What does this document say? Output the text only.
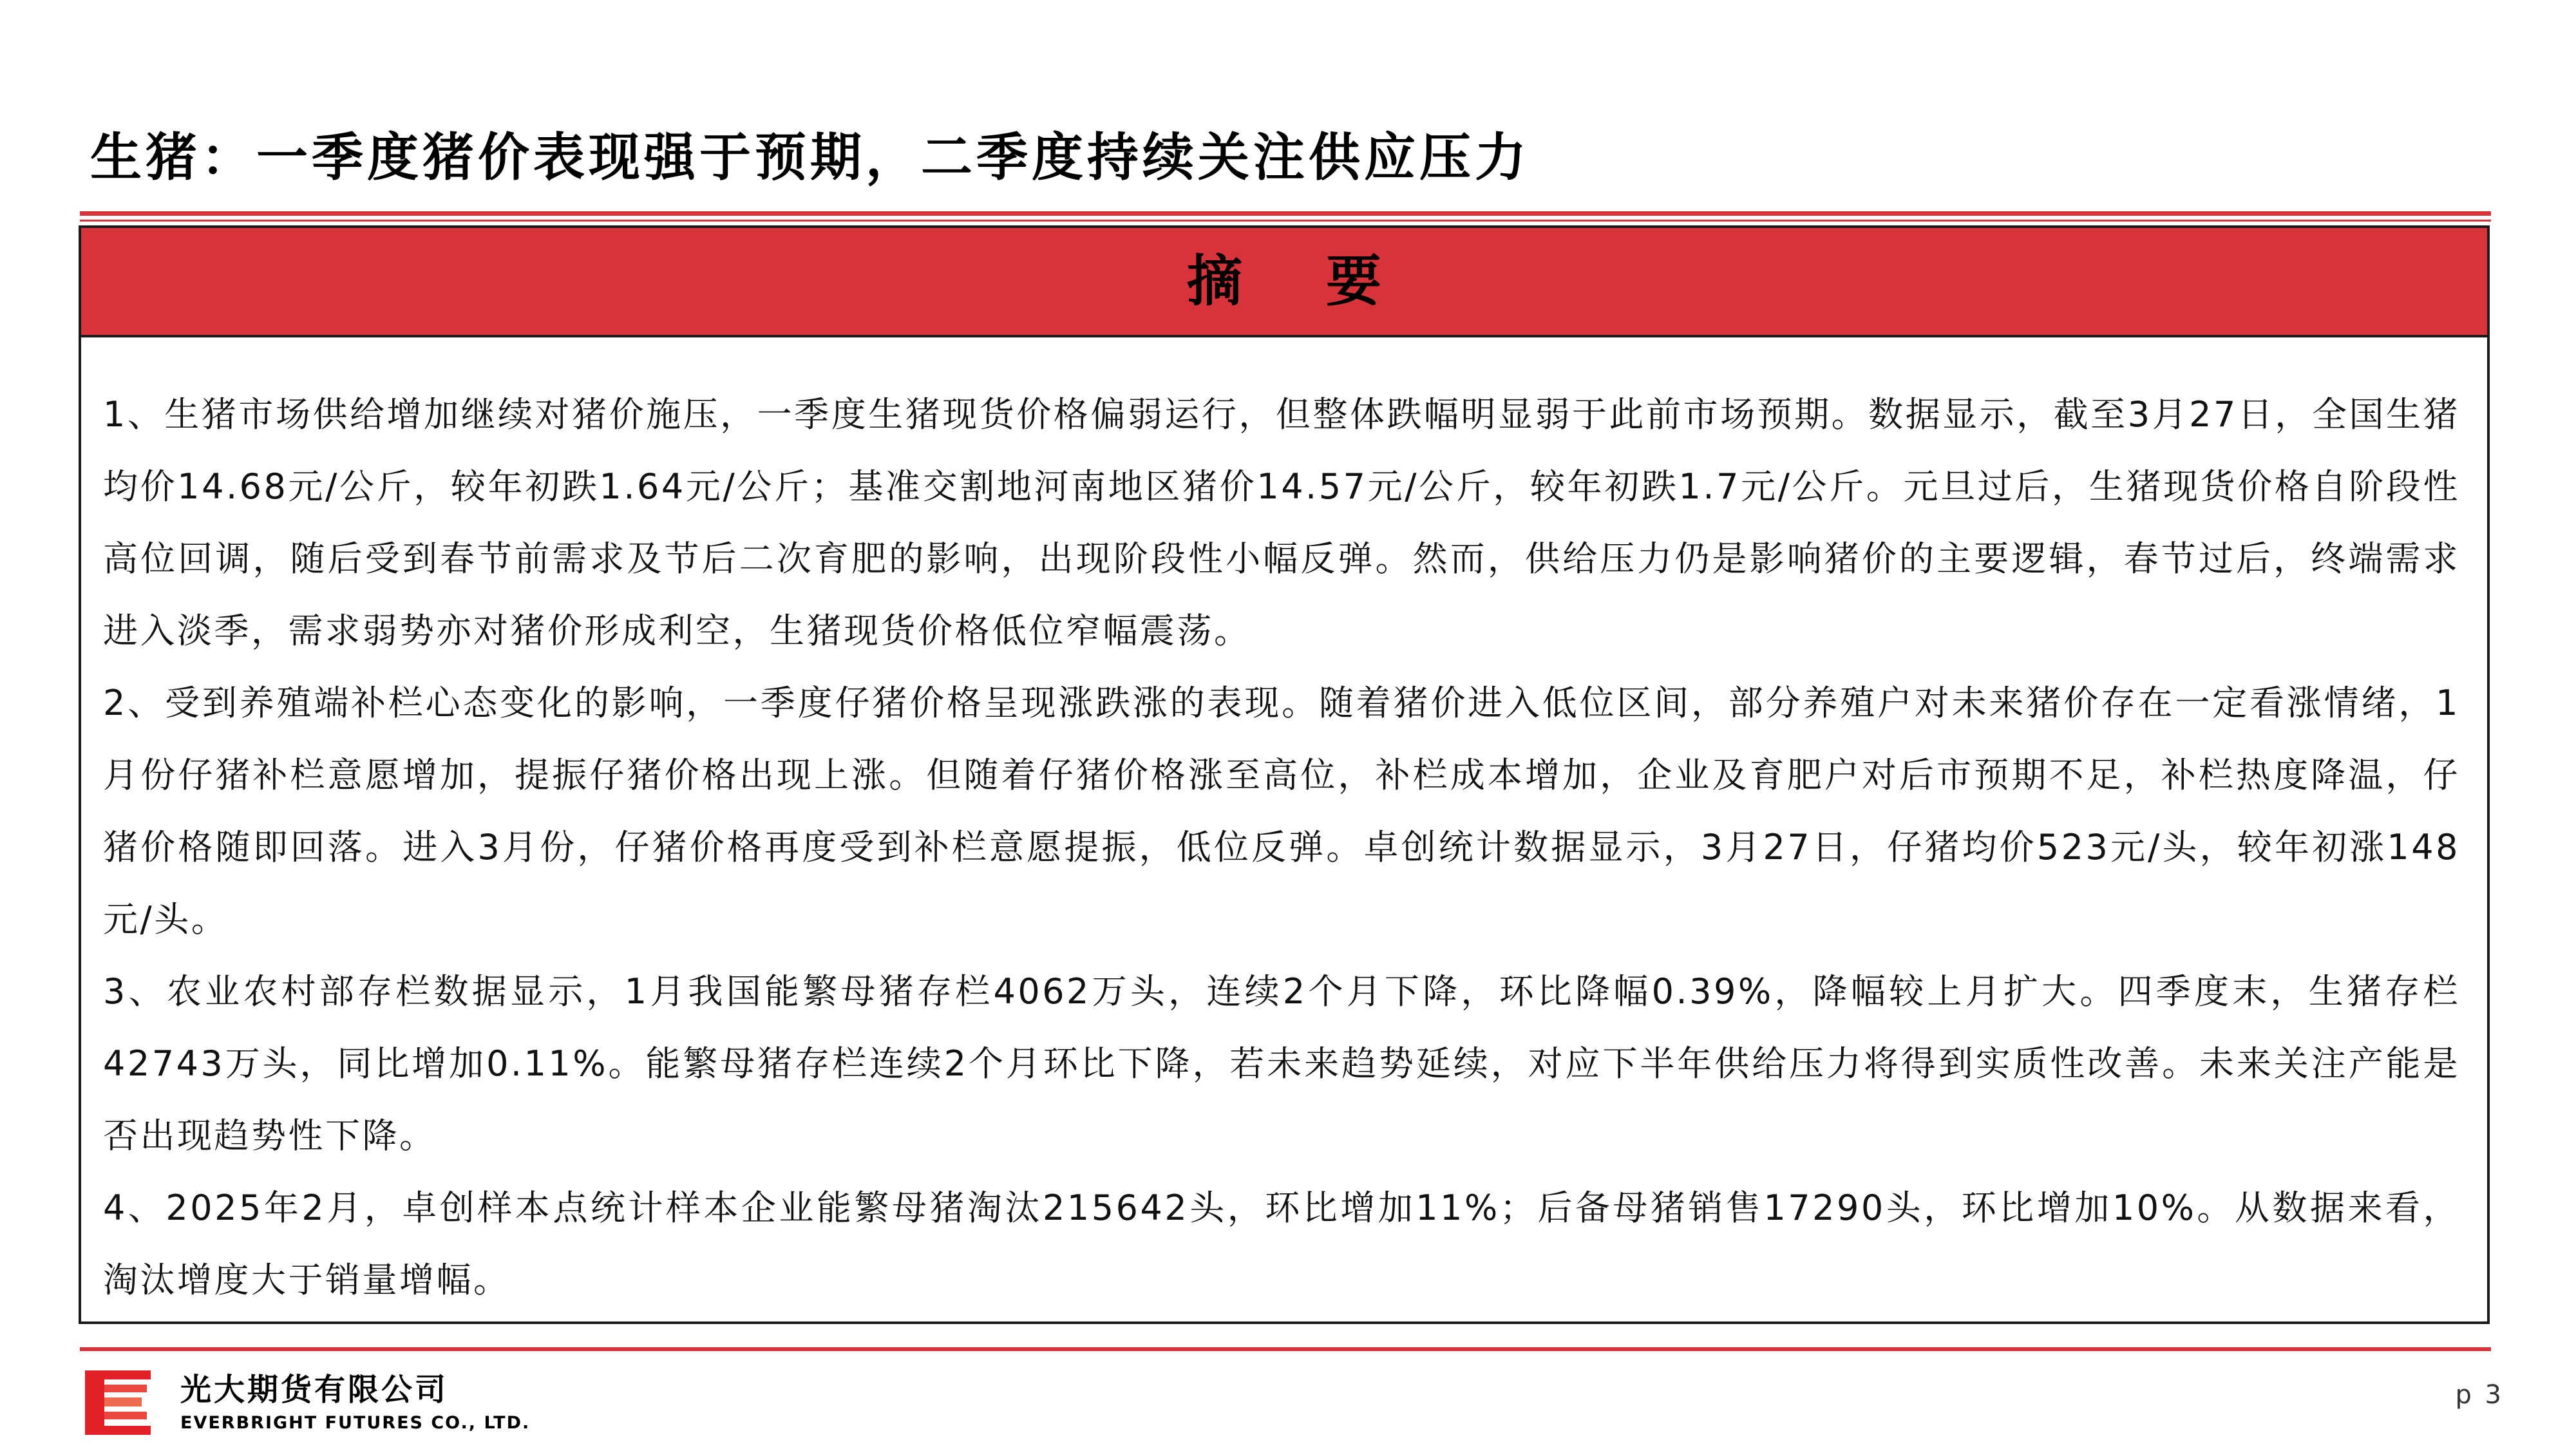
生猪：一季度猪价表现强于预期，二季度持续关注供应压力
摘 要

1、生猪市场供给增加继续对猪价施压，一季度生猪现货价格偏弱运行，但整体跌幅明显弱于此前市场预期。数据显示，截至3月27日，全国生猪均价14.68元/公斤，较年初跌1.64元/公斤；基准交割地河南地区猪价14.57元/公斤，较年初跌1.7元/公斤。元旦过后，生猪现货价格自阶段性高位回调，随后受到春节前需求及节后二次育肥的影响，出现阶段性小幅反弹。然而，供给压力仍是影响猪价的主要逻辑，春节过后，终端需求进入淡季，需求弱势亦对猪价形成利空，生猪现货价格低位窄幅震荡。

2、受到养殖端补栏心态变化的影响，一季度仔猪价格呈现涨跌涨的表现。随着猪价进入低位区间，部分养殖户对未来猪价存在一定看涨情绪，1月份仔猪补栏意愿增加，提振仔猪价格出现上涨。但随着仔猪价格涨至高位，补栏成本增加，企业及育肥户对后市预期不足，补栏热度降温，仔猪价格随即回落。进入3月份，仔猪价格再度受到补栏意愿提振，低位反弹。卓创统计数据显示，3月27日，仔猪均价523元/头，较年初涨148元/头。

3、农业农村部存栏数据显示，1月我国能繁母猪存栏4062万头，连续2个月下降，环比降幅0.39%，降幅较上月扩大。四季度末，生猪存栏42743万头，同比增加0.11%。能繁母猪存栏连续2个月环比下降，若未来趋势延续，对应下半年供给压力将得到实质性改善。未来关注产能是否出现趋势性下降。

4、2025年2月，卓创样本点统计样本企业能繁母猪淘汰215642头，环比增加11%；后备母猪销售17290头，环比增加10%。从数据来看，淘汰增度大于销量增幅。

光大期货有限公司
EVERBRIGHT FUTURES CO., LTD.
p 3
